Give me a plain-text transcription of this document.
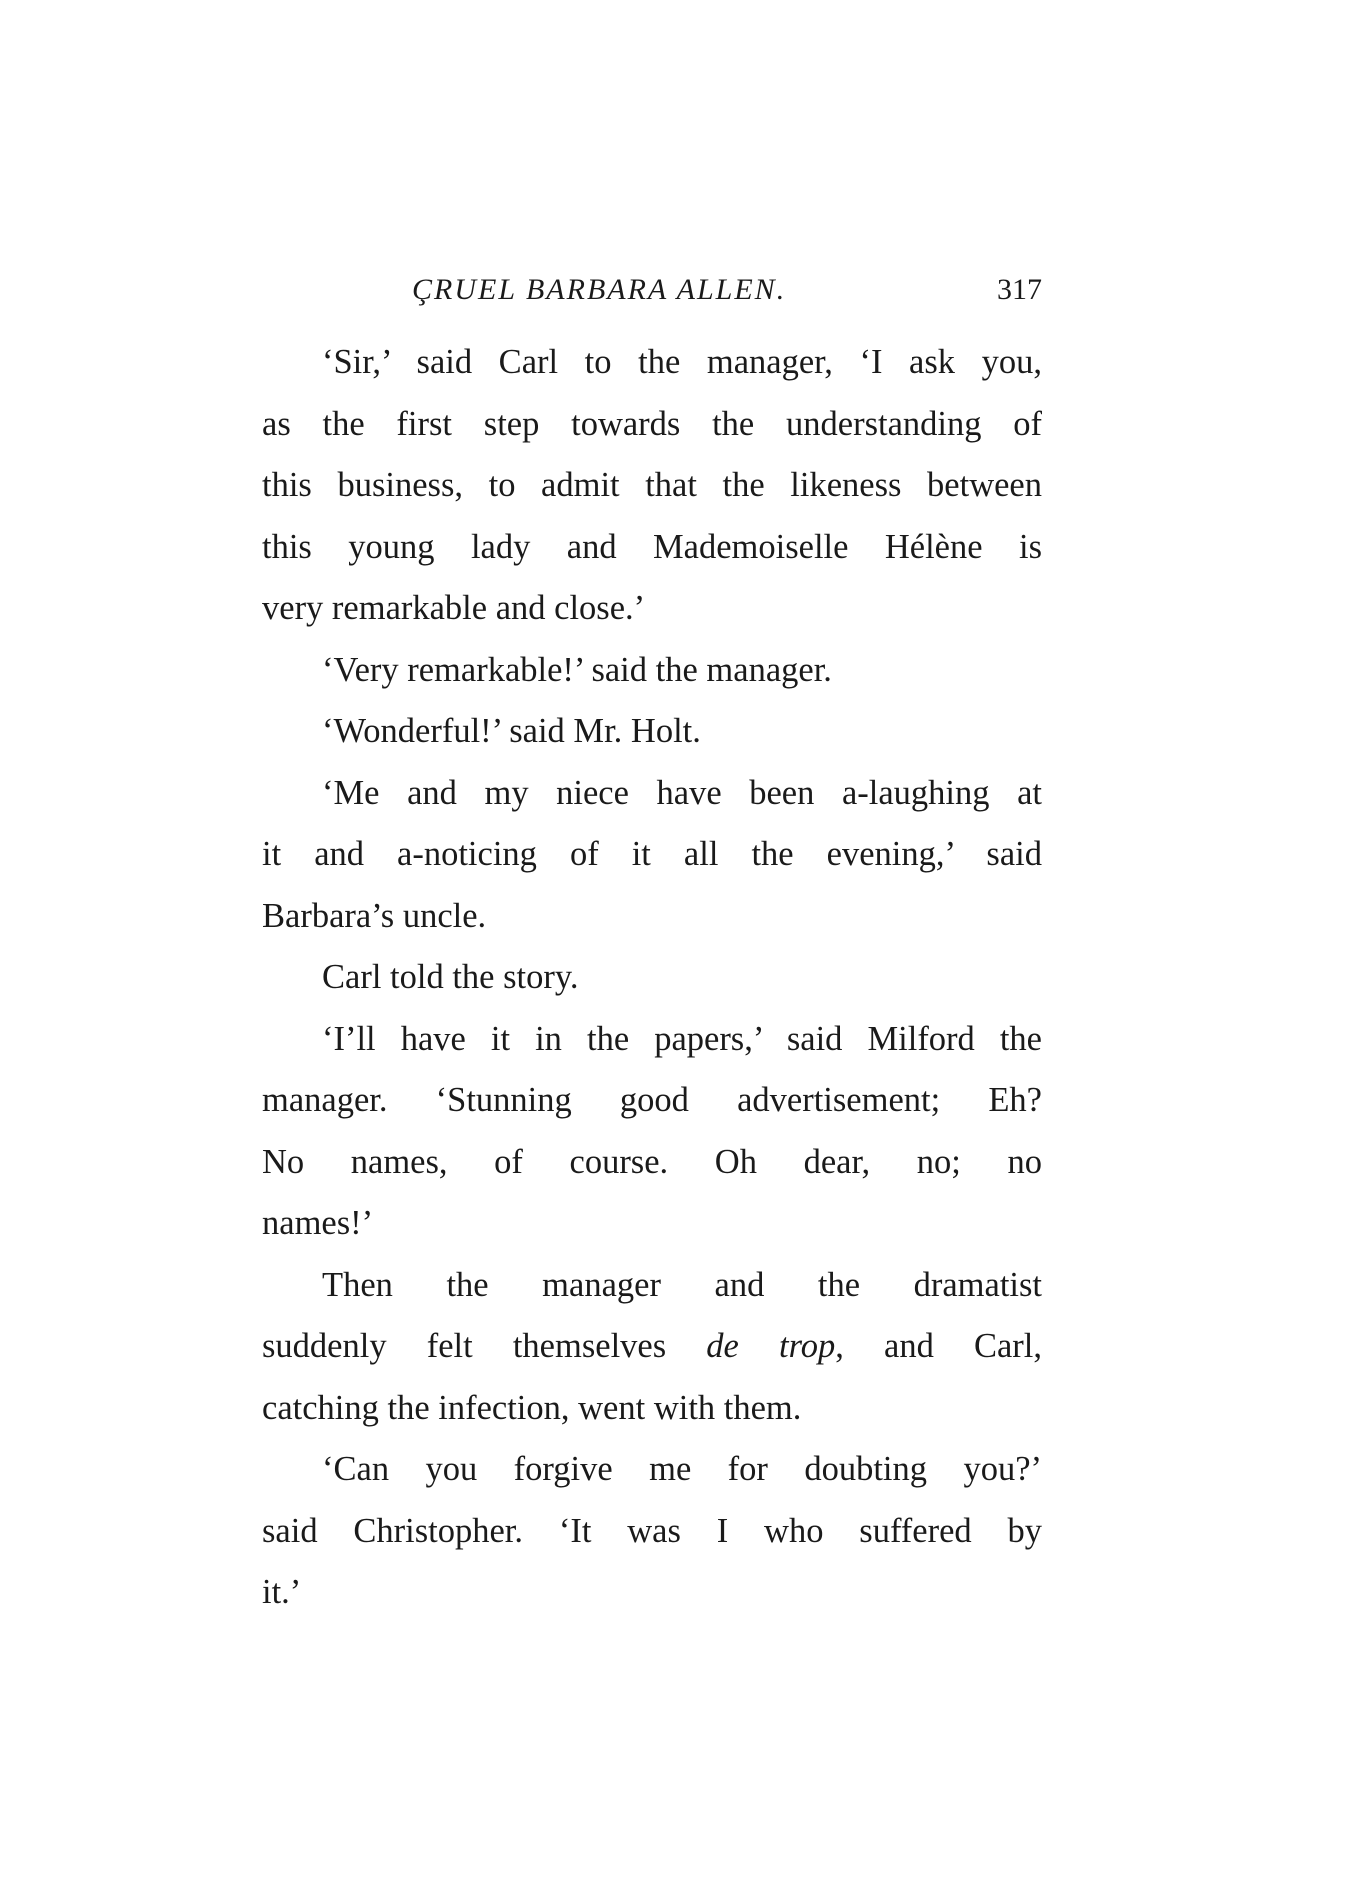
ÇRUEL BARBARA ALLEN.	317

‘Sir,’ said Carl to the manager, ‘I ask you,
as the first step towards the understanding of
this business, to admit that the likeness between
this young lady and Mademoiselle Hélène is
very remarkable and close.’

‘Very remarkable!’ said the manager.

‘Wonderful!’ said Mr. Holt.

‘Me and my niece have been a-laughing at
it and a-noticing of it all the evening,’ said
Barbara’s uncle.

Carl told the story.

‘I’ll have it in the papers,’ said Milford the
manager. ‘Stunning good advertisement; Eh?
No names, of course. Oh dear, no; no
names!’

Then the manager and the dramatist
suddenly felt themselves de trop, and Carl,
catching the infection, went with them.

‘Can you forgive me for doubting you?’
said Christopher. ‘It was I who suffered by
it.’
